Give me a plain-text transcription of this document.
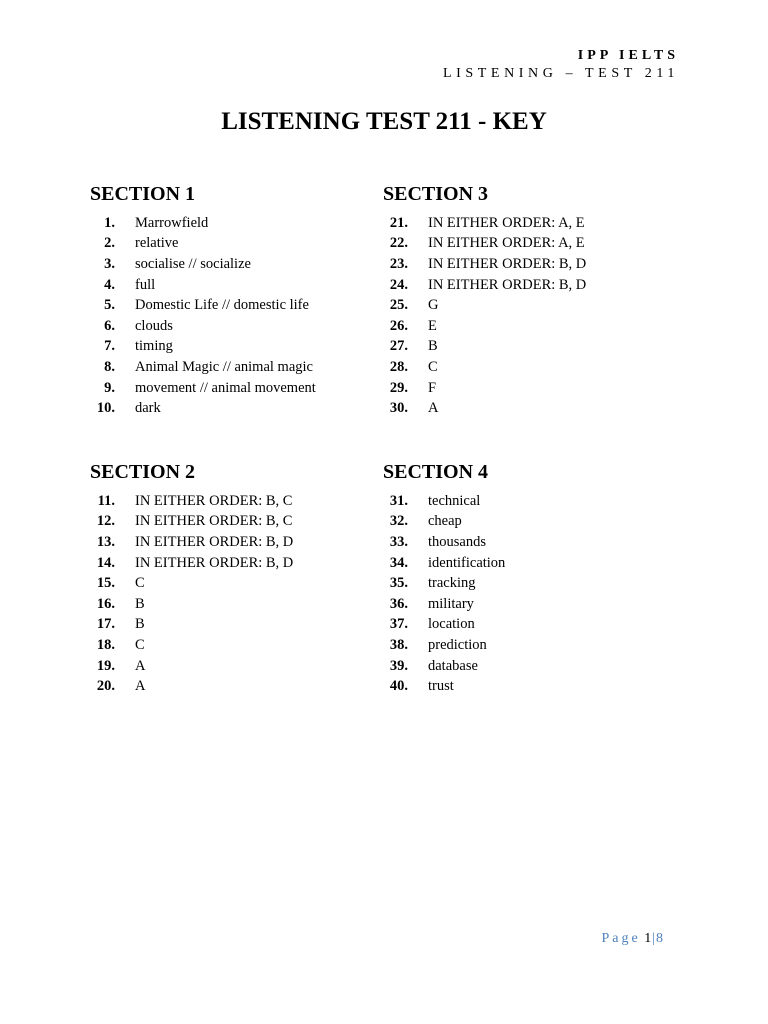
IPP IELTS
LISTENING – TEST 211
LISTENING TEST 211 - KEY
SECTION 1
1. Marrowfield
2. relative
3. socialise // socialize
4. full
5. Domestic Life // domestic life
6. clouds
7. timing
8. Animal Magic // animal magic
9. movement // animal movement
10. dark
SECTION 3
21. IN EITHER ORDER: A, E
22. IN EITHER ORDER: A, E
23. IN EITHER ORDER: B, D
24. IN EITHER ORDER: B, D
25. G
26. E
27. B
28. C
29. F
30. A
SECTION 2
11. IN EITHER ORDER: B, C
12. IN EITHER ORDER: B, C
13. IN EITHER ORDER: B, D
14. IN EITHER ORDER: B, D
15. C
16. B
17. B
18. C
19. A
20. A
SECTION 4
31. technical
32. cheap
33. thousands
34. identification
35. tracking
36. military
37. location
38. prediction
39. database
40. trust
Page 1|8
